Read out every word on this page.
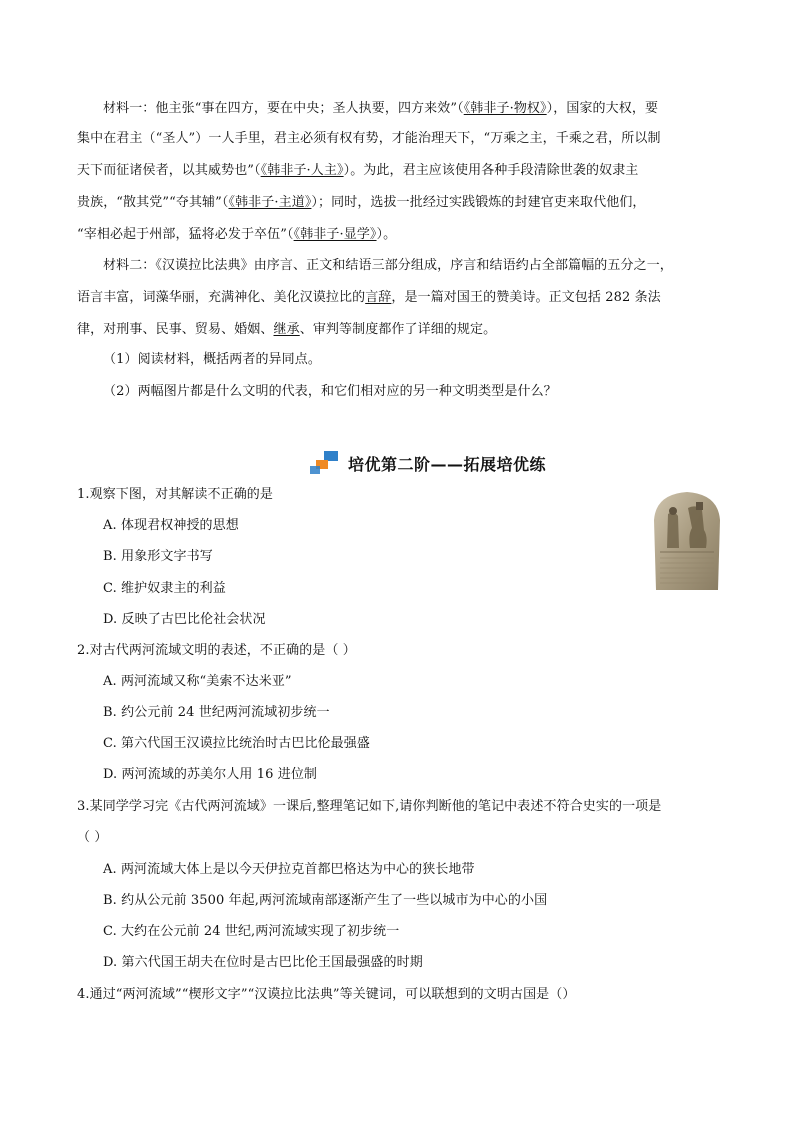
材料一：他主张“事在四方，要在中央；圣人执要，四方来效”（《韩非子·物权》），国家的大权，要
集中在君主（“圣人”）一人手里，君主必须有权有势，才能治理天下，“万乘之主，千乘之君，所以制
天下而征诸侯者，以其威势也”（《韩非子·人主》）。为此，君主应该使用各种手段清除世袭的奴隶主
贵族，“散其党”“夺其辅”（《韩非子·主道》）；同时，选拔一批经过实践锻炼的封建官吏来取代他们，
“宰相必起于州部，猛将必发于卒伍”（《韩非子·显学》）。
材料二：《汉谟拉比法典》由序言、正文和结语三部分组成，序言和结语约占全部篇幅的五分之一，
语言丰富，词藻华丽，充满神化、美化汉谟拉比的言辞，是一篇对国王的赞美诗。正文包括 282 条法
律，对刑事、民事、贸易、婚姻、继承、审判等制度都作了详细的规定。
（1）阅读材料，概括两者的异同点。
（2）两幅图片都是什么文明的代表，和它们相对应的另一种文明类型是什么？
培优第二阶——拓展培优练
1.观察下图，对其解读不正确的是
A. 体现君权神授的思想
B. 用象形文字书写
C. 维护奴隶主的利益
D. 反映了古巴比伦社会状况
2.对古代两河流域文明的表述，不正确的是（ ）
A. 两河流域又称“美索不达米亚”
B. 约公元前 24 世纪两河流域初步统一
C. 第六代国王汉谟拉比统治时古巴比伦最强盛
D. 两河流域的苏美尔人用 16 进位制
3.某同学学习完《古代两河流域》一课后,整理笔记如下,请你判断他的笔记中表述不符合史实的一项是
（ ）
A. 两河流域大体上是以今天伊拉克首都巴格达为中心的狭长地带
B. 约从公元前 3500 年起,两河流域南部逐渐产生了一些以城市为中心的小国
C. 大约在公元前 24 世纪,两河流域实现了初步统一
D. 第六代国王胡夫在位时是古巴比伦王国最强盛的时期
4.通过“两河流域”“楔形文字”“汉谟拉比法典”等关键词，可以联想到的文明古国是（）
